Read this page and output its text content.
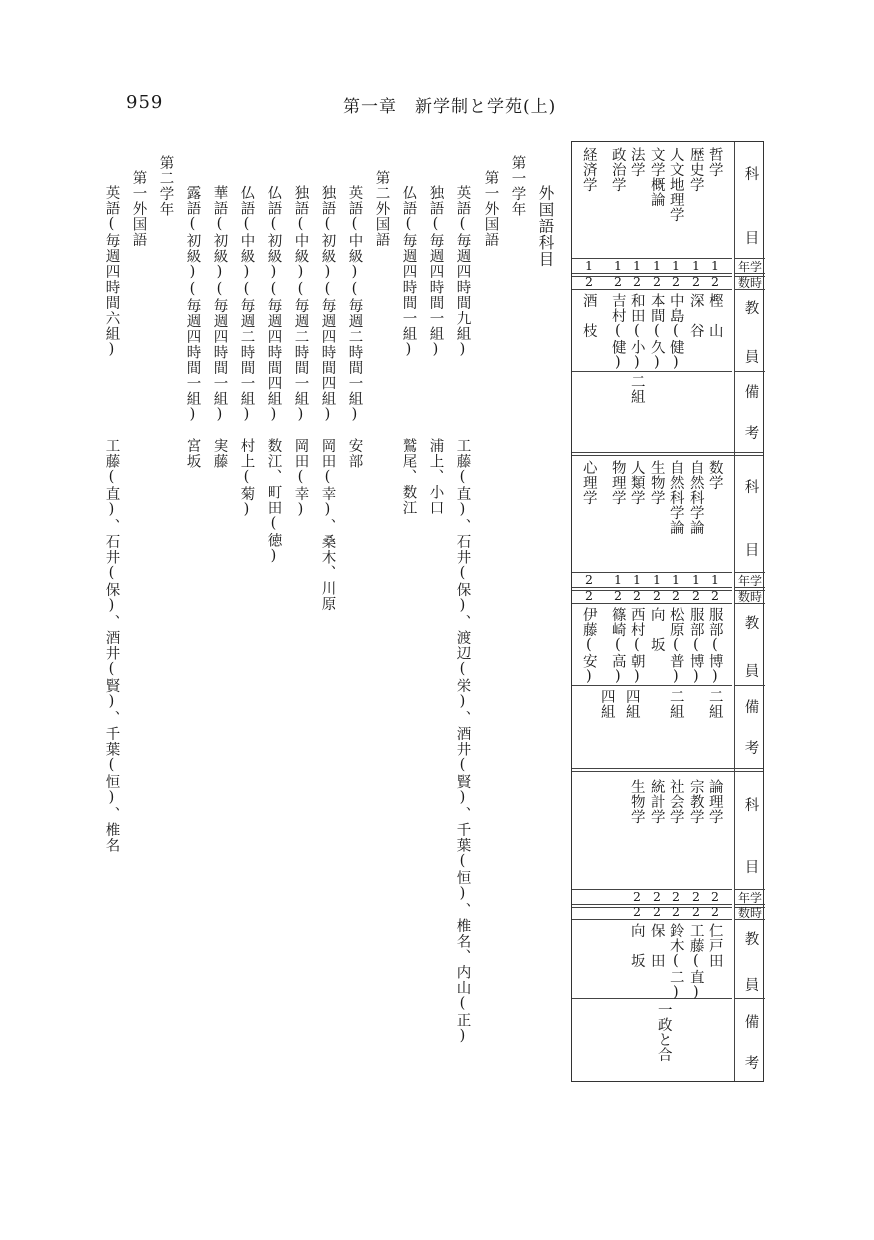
959	第一章　新学制と学苑(上)
科
目
年学
数時
教
員
備
考
科
目
年学
数時
教
員
備
考
科
目
年学
数時
教
員
備
考
哲学
歴史学
人文地理学
文学概論
法学
政治学
経済学
1
1
1
1
1
1
1
2
2
2
2
2
2
2
樫　山
深　谷
中島(健)
本間(久)
和田(小)
吉村(健)
酒　枝
二組
数学
自然科学論
自然科学論
生物学
人類学
物理学
心理学
1
1
1
1
1
1
2
2
2
2
2
2
2
2
服部(博)
服部(博)
松原(普)
向　坂
西村(朝)
篠崎(高)
伊藤(安)
二組
二組
四組
四組
論理学
宗教学
社会学
統計学
生物学
2
2
2
2
2
2
2
2
2
2
仁戸田
工藤(直)
鈴木(二)
保　田
向　坂
一政と合
外国語科目
第一学年
第一外国語
英語(毎週四時間九組)
工藤(直)、石井(保)、渡辺(栄)、酒井(賢)、千葉(恒)、椎名、内山(正)
独語(毎週四時間一組)
浦上、小口
仏語(毎週四時間一組)
鷲尾、数江
第二外国語
英語(中級)(毎週二時間一組)
安部
独語(初級)(毎週四時間四組)
岡田(幸)、桑木、川原
独語(中級)(毎週二時間一組)
岡田(幸)
仏語(初級)(毎週四時間四組)
数江、町田(徳)
仏語(中級)(毎週二時間一組)
村上(菊)
華語(初級)(毎週四時間一組)
実藤
露語(初級)(毎週四時間一組)
宮坂
第二学年
第一外国語
英語(毎週四時間六組)
工藤(直)、石井(保)、酒井(賢)、千葉(恒)、椎名
